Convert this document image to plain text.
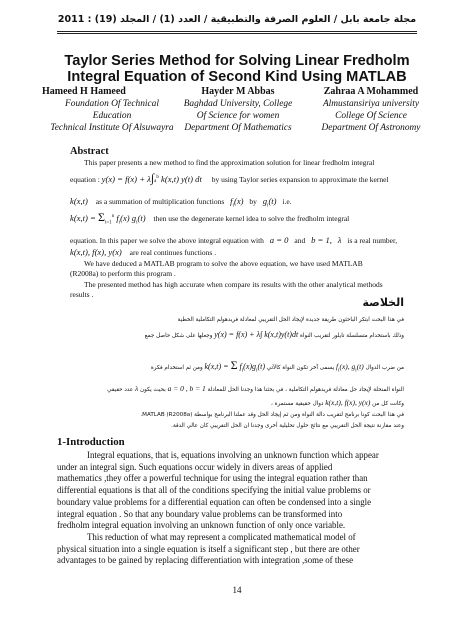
مجلة جامعة بابل / العلوم الصرفة والتطبيقية / العدد (1) / المجلد (19) : 2011
Taylor Series Method for Solving Linear Fredholm
Integral Equation of Second Kind Using MATLAB
Hameed H Hameed
Foundation Of Technical
Education
Technical Institute Of Alsuwayra
Hayder M Abbas
Baghdad University, College
Of Science for women
Department Of Mathematics
Zahraa A Mohammed
Almustansiriya university
College Of Science
Department Of Astronomy
Abstract
This paper presents a new method to find the approximation solution for linear fredholm integral
equation : $y(x) = f(x) + \lambda\int a^b$ k(x,t) y(t) dt by using Taylor series expansion to approximate the kernel
k(x,t) as a summation of multiplication functions $f_i(x)$ by $g_i(t)$ i.e.
$k(x,t) = \Sigma_{i=1}^n$ $f_i(x)$ $g_i(t)$ then use the degenerate kernel idea to solve the fredholm integral
equation. In this paper we solve the above integral equation with a = 0 and b = 1, λ is a real number,
k(x,t), f(x), y(x) are real continues functions .
We have deduced a MATLAB program to solve the above equation, we have used MATLAB
(R2008a) to perform this program .
The presented method has high accurate when compare its results with the other analytical methods
results .
الخلاصة
في هذا البحث ابتكر الباحثون طريقة جديدة لإيجاد الحل التقريبي لمعادلة فريدهولم التكاملية الخطية
وذلك باستخدام متسلسلة تايلور لتقريب النواة y(x) = f(x) + λ∫ k(x,t)y(t)dt وجعلها على شكل حاصل جمع
من ضرب الدوال $f_i(x)$, $g_i(t)$ يسمى آخر تكون النواة كالآتي k(x,t) = Σ $f_i(x)g_i(t)$ ومن ثم استخدام فكرة
النواة المنحلة لإيجاد حل معادلة فريدهولم التكاملية ، في بحثنا هذا وجدنا الحل للمعادلة a = 0 , b = 1 بحيث يكون λ عدد حقيقي
وكانت كل من k(x,t), f(x), y(x) دوال حقيقية مستمرة ،
في هذا البحث كونا برنامج لتقريب دالة النواة ومن ثم إيجاد الحل وقد عملنا البرنامج بواسطة MATLAB (R2008a).
وعند مقارنة نتيجة الحل التقريبي مع نتائج حلول تحليلية أخرى وجدنا ان الحل التقريبي كان عالي الدقة.
1-Introduction
Integral equations, that is, equations involving an unknown function which appear
under an integral sign. Such equations occur widely in divers areas of applied
mathematics ,they offer a powerful technique for using the integral equation rather than
differential equations is that all of the conditions specifying the initial value problems or
boundary value problems for a differential equation can often be condensed into a single
integral equation . So that any boundary value problems can be transformed into
fredholm integral equation involving an unknown function of only once variable.
This reduction of what may represent a complicated mathematical model of
physical situation into a single equation is itself a significant step , but there are other
advantages to be gained by replacing differentiation with integration ,some of these
14
